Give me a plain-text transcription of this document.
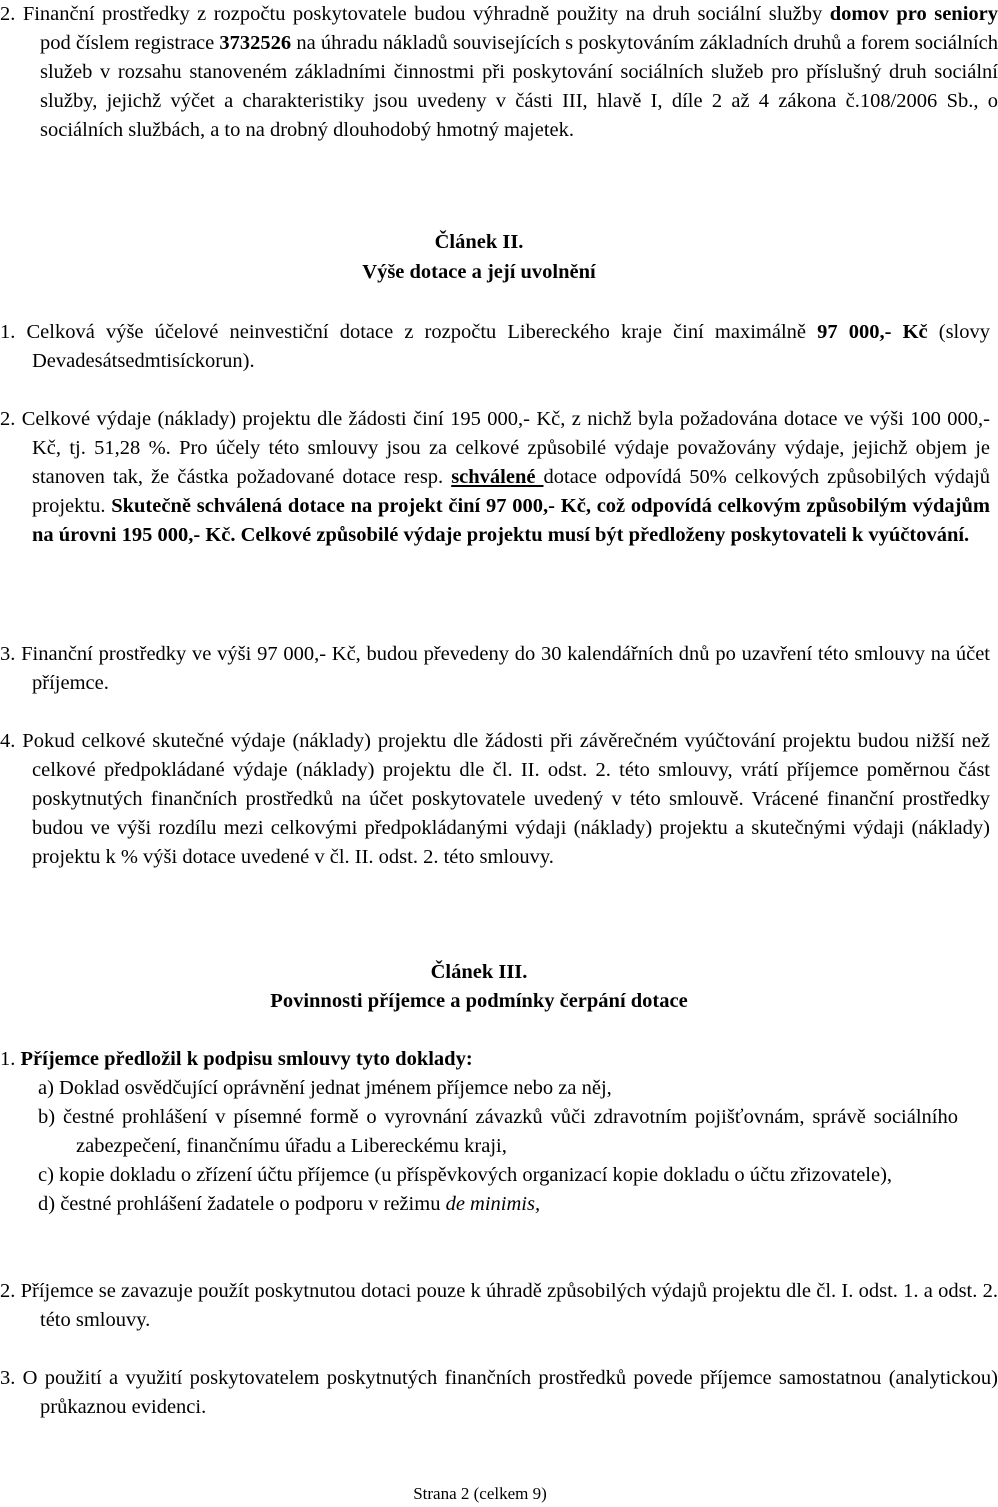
2. Finanční prostředky z rozpočtu poskytovatele budou výhradně použity na druh sociální služby domov pro seniory pod číslem registrace 3732526 na úhradu nákladů souvisejících s poskytováním základních druhů a forem sociálních služeb v rozsahu stanoveném základními činnostmi při poskytování sociálních služeb pro příslušný druh sociální služby, jejichž výčet a charakteristiky jsou uvedeny v části III, hlavě I, díle 2 až 4 zákona č.108/2006 Sb., o sociálních službách, a to na drobný dlouhodobý hmotný majetek.

Článek II.

Výše dotace a její uvolnění

1. Celková výše účelové neinvestiční dotace z rozpočtu Libereckého kraje činí maximálně 97 000,- Kč (slovy Devadesátsedmtisíckorun).

2. Celkové výdaje (náklady) projektu dle žádosti činí 195 000,- Kč, z nichž byla požadována dotace ve výši 100 000,- Kč, tj. 51,28 %. Pro účely této smlouvy jsou za celkové způsobilé výdaje považovány výdaje, jejichž objem je stanoven tak, že částka požadované dotace resp. schválené dotace odpovídá 50% celkových způsobilých výdajů projektu. Skutečně schválená dotace na projekt činí 97 000,- Kč, což odpovídá celkovým způsobilým výdajům na úrovni 195 000,- Kč. Celkové způsobilé výdaje projektu musí být předloženy poskytovateli k vyúčtování.

3. Finanční prostředky ve výši 97 000,- Kč, budou převedeny do 30 kalendářních dnů po uzavření této smlouvy na účet příjemce.

4. Pokud celkové skutečné výdaje (náklady) projektu dle žádosti při závěrečném vyúčtování projektu budou nižší než celkové předpokládané výdaje (náklady) projektu dle čl. II. odst. 2. této smlouvy, vrátí příjemce poměrnou část poskytnutých finančních prostředků na účet poskytovatele uvedený v této smlouvě. Vrácené finanční prostředky budou ve výši rozdílu mezi celkovými předpokládanými výdaji (náklady) projektu a skutečnými výdaji (náklady) projektu k % výši dotace uvedené v čl. II. odst. 2. této smlouvy.

Článek III.

Povinnosti příjemce a podmínky čerpání dotace

1. Příjemce předložil k podpisu smlouvy tyto doklady:

a) Doklad osvědčující oprávnění jednat jménem příjemce nebo za něj,
b) čestné prohlášení v písemné formě o vyrovnání závazků vůči zdravotním pojišťovnám, správě sociálního zabezpečení, finančnímu úřadu a Libereckému kraji,
c) kopie dokladu o zřízení účtu příjemce (u příspěvkových organizací kopie dokladu o účtu zřizovatele),
d) čestné prohlášení žadatele o podporu v režimu de minimis,

2. Příjemce se zavazuje použít poskytnutou dotaci pouze k úhradě způsobilých výdajů projektu dle čl. I. odst. 1. a odst. 2. této smlouvy.

3. O použití a využití poskytovatelem poskytnutých finančních prostředků povede příjemce samostatnou (analytickou) průkaznou evidenci.

Strana 2 (celkem 9)
